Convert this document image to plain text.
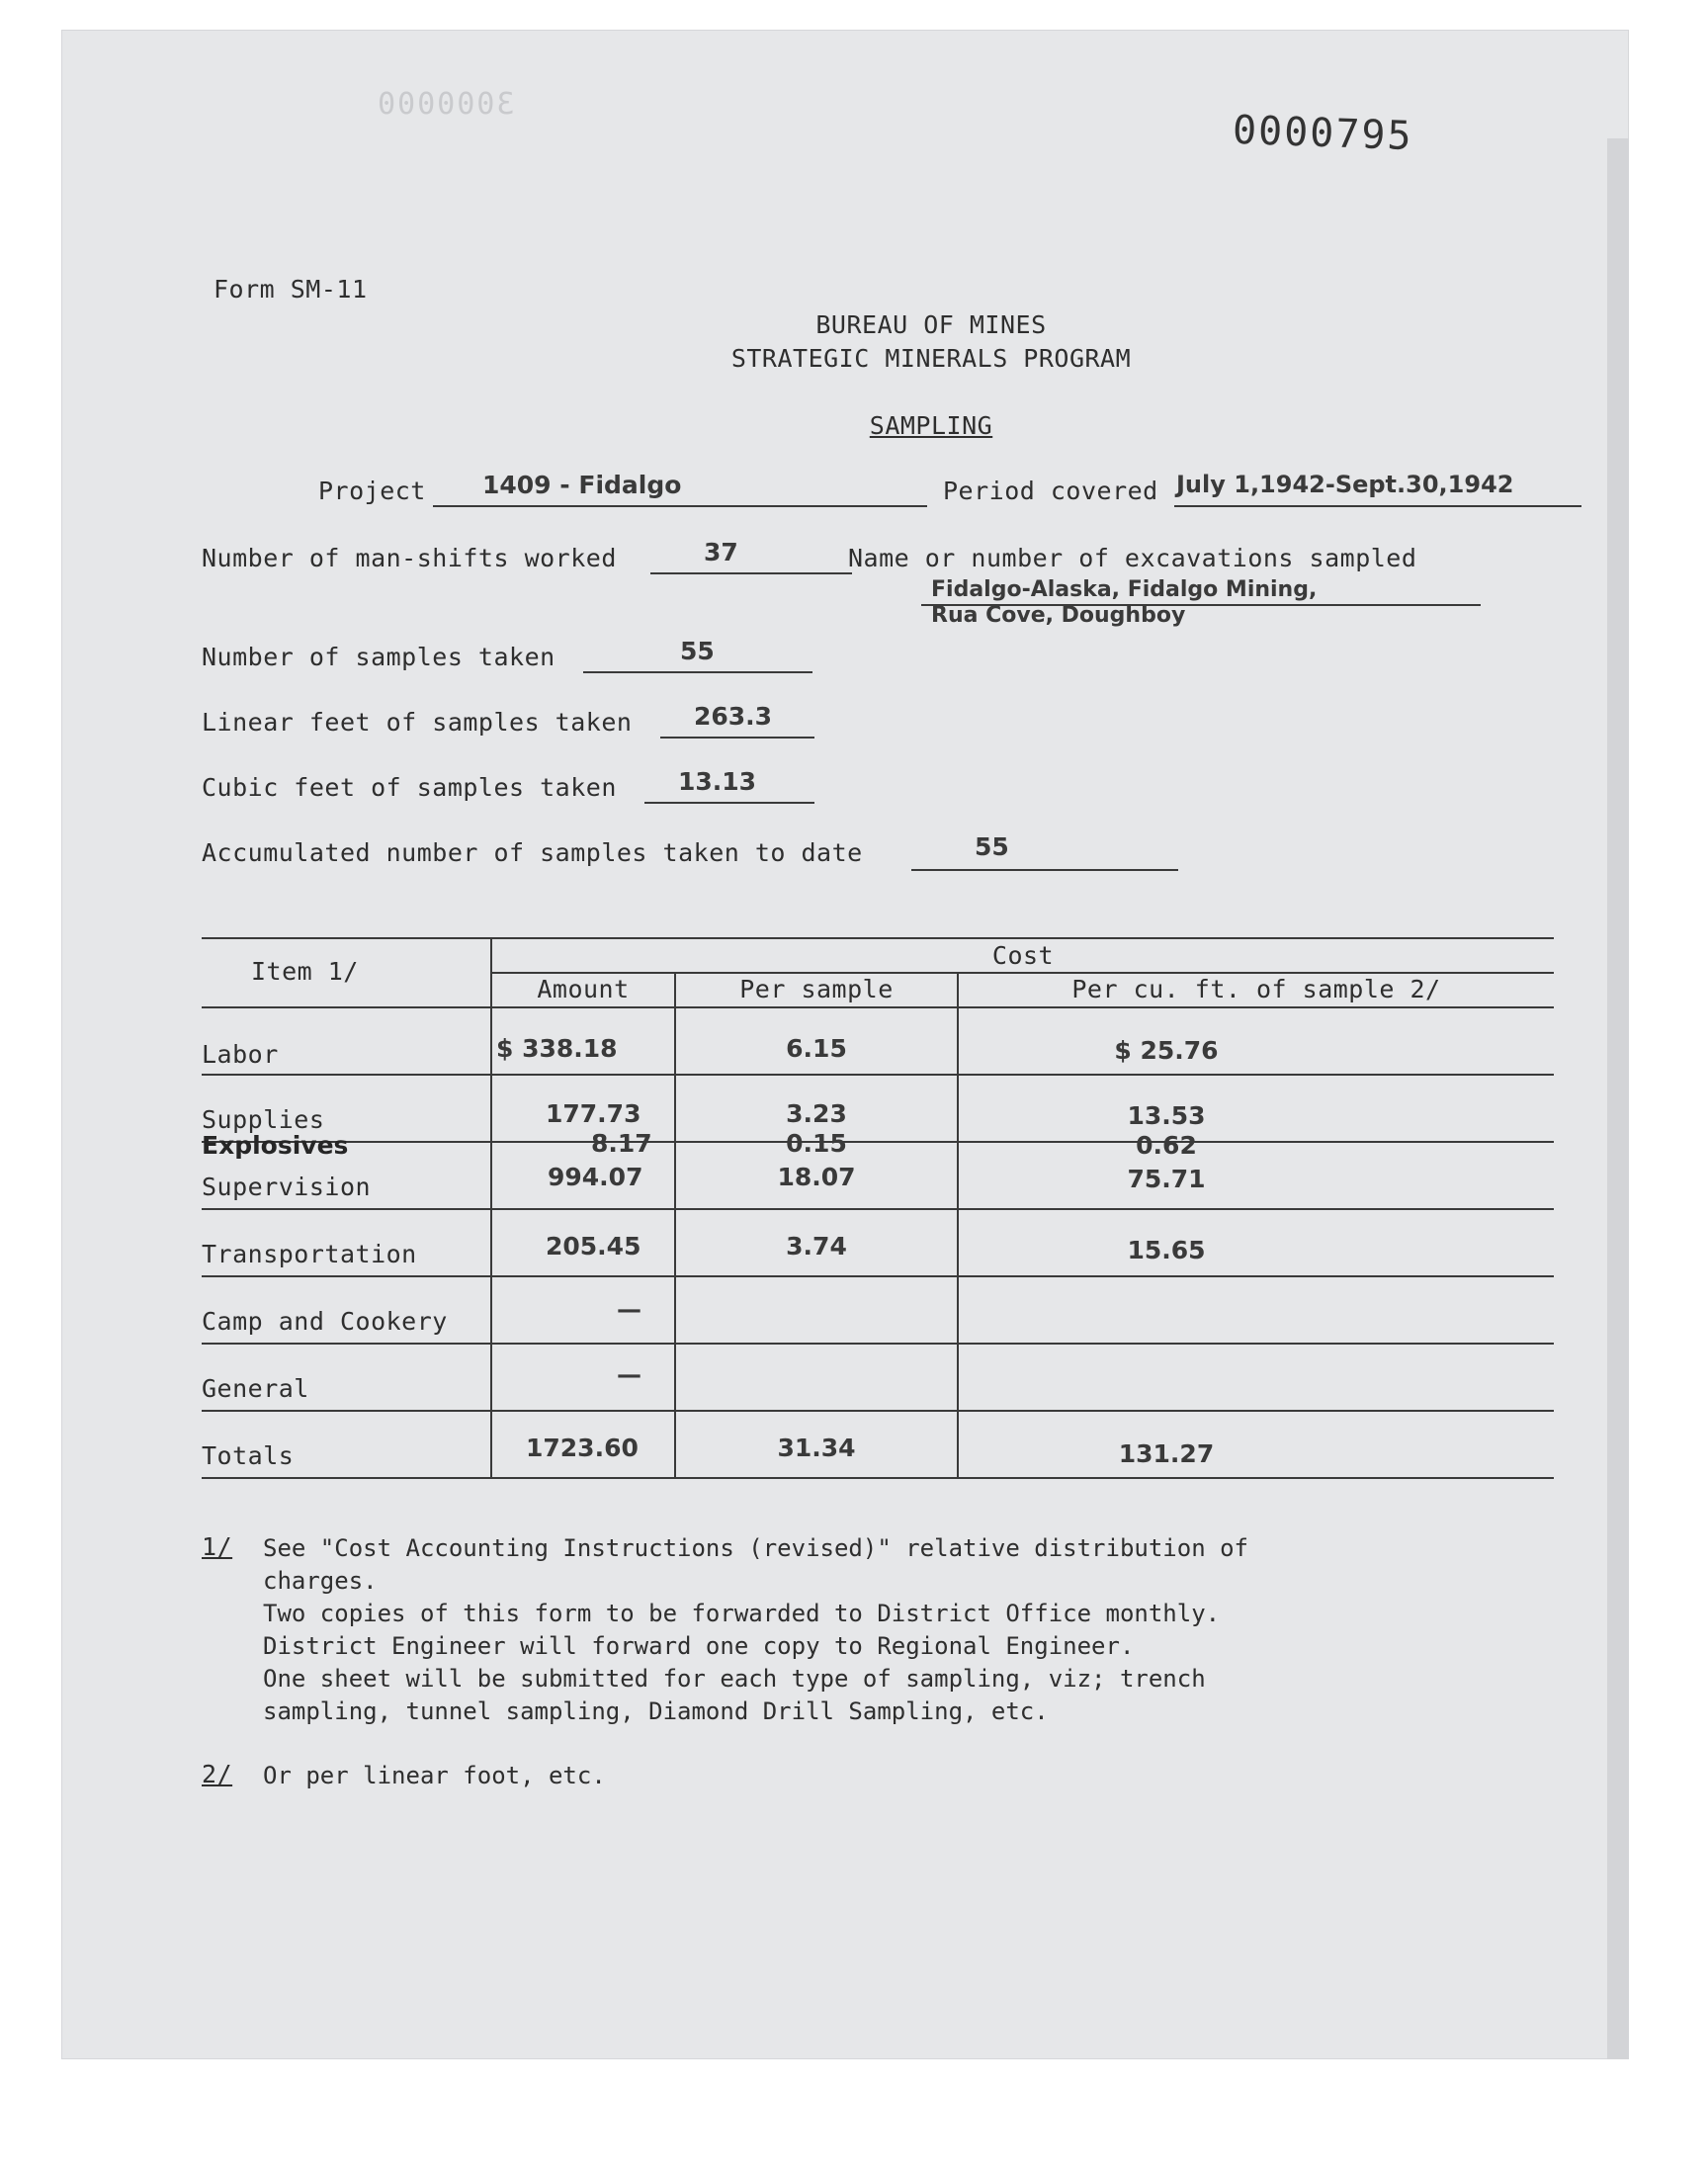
3000000
0000795
Form SM-11
BUREAU OF MINES
STRATEGIC MINERALS PROGRAM
SAMPLING
Project 1409 - Fidalgo	Period covered July 1,1942-Sept.30,1942
Number of man-shifts worked	37	Name or number of excavations sampled
Fidalgo-Alaska, Fidalgo Mining,
Rua Cove, Doughboy
Number of samples taken	55
Linear feet of samples taken	263.3
Cubic feet of samples taken 13.13
Accumulated number of samples taken to date	55
Item 1/
Cost
Amount	Per sample	Per cu. ft. of sample 2/
Labor	$ 338.18	6.15	$ 25.76
Supplies	177.73	3.23	13.53
Explosives	8.17	0.15	0.62
Supervision	994.07	18.07	75.71
Transportation	205.45	3.74	15.65
Camp and Cookery	—
General	—
Totals	1723.60	31.34	131.27
1/ See "Cost Accounting Instructions (revised)" relative distribution of
charges.
Two copies of this form to be forwarded to District Office monthly.
District Engineer will forward one copy to Regional Engineer.
One sheet will be submitted for each type of sampling, viz; trench
sampling, tunnel sampling, Diamond Drill Sampling, etc.
2/ Or per linear foot, etc.
